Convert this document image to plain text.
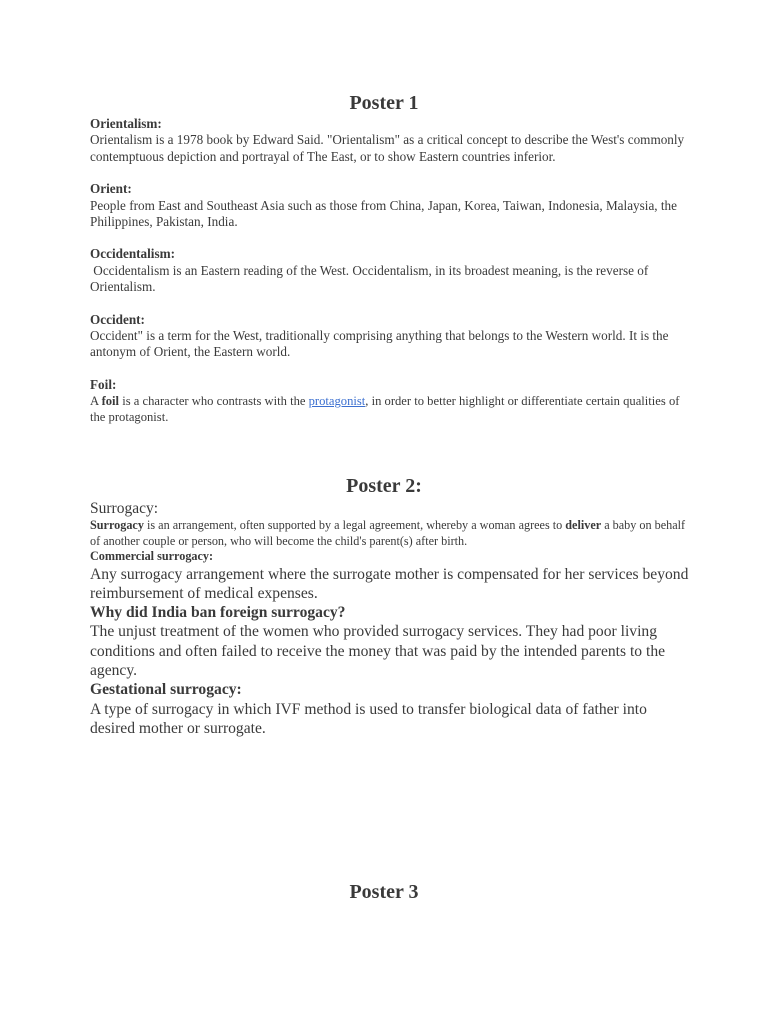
Poster 1
Orientalism:
Orientalism is a 1978 book by Edward Said. "Orientalism" as a critical concept to describe the West's commonly contemptuous depiction and portrayal of The East, or to show Eastern countries inferior.
Orient:
People from East and Southeast Asia such as those from China, Japan, Korea, Taiwan, Indonesia, Malaysia, the Philippines, Pakistan, India.
Occidentalism:
Occidentalism is an Eastern reading of the West. Occidentalism, in its broadest meaning, is the reverse of Orientalism.
Occident:
Occident" is a term for the West, traditionally comprising anything that belongs to the Western world. It is the antonym of Orient, the Eastern world.
Foil:
A foil is a character who contrasts with the protagonist, in order to better highlight or differentiate certain qualities of the protagonist.
Poster 2:
Surrogacy:
Surrogacy is an arrangement, often supported by a legal agreement, whereby a woman agrees to deliver a baby on behalf of another couple or person, who will become the child's parent(s) after birth.
Commercial surrogacy:
Any surrogacy arrangement where the surrogate mother is compensated for her services beyond reimbursement of medical expenses.
Why did India ban foreign surrogacy?
The unjust treatment of the women who provided surrogacy services. They had poor living conditions and often failed to receive the money that was paid by the intended parents to the agency.
Gestational surrogacy:
A type of surrogacy in which IVF method is used to transfer biological data of father into desired mother or surrogate.
Poster 3
